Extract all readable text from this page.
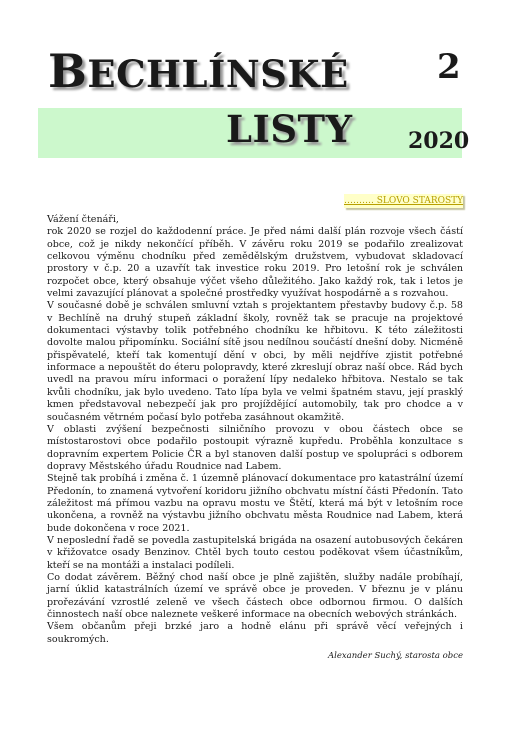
BECHLÍNSKÉ	2
LISTY	2020
………. SLOVO STAROSTY

Vážení čtenáři,

rok 2020 se rozjel do každodenní práce. Je před námi další plán rozvoje všech částí obce, což je nikdy nekončící příběh. V závěru roku 2019 se podařilo zrealizovat celkovou výměnu chodníku před zemědělským družstvem, vybudovat skladovací prostory v č.p. 20 a uzavřít tak investice roku 2019. Pro letošní rok je schválen rozpočet obce, který obsahuje výčet všeho důležitého. Jako každý rok, tak i letos je velmi zavazující plánovat a společné prostředky využívat hospodárně a s rozvahou.

V současné době je schválen smluvní vztah s projektantem přestavby budovy č.p. 58 v Bechlíně na druhý stupeň základní školy, rovněž tak se pracuje na projektové dokumentaci výstavby tolik potřebného chodníku ke hřbitovu. K této záležitosti dovolte malou připomínku. Sociální sítě jsou nedílnou součástí dnešní doby. Nicméně přispěvatelé, kteří tak komentují dění v obci, by měli nejdříve zjistit potřebné informace a nepouštět do éteru polopravdy, které zkreslují obraz naší obce. Rád bych uvedl na pravou míru informaci o poražení lípy nedaleko hřbitova. Nestalo se tak kvůli chodníku, jak bylo uvedeno. Tato lípa byla ve velmi špatném stavu, její prasklý kmen představoval nebezpečí jak pro projíždějící automobily, tak pro chodce a v současném větrném počasí bylo potřeba zasáhnout okamžitě.

V oblasti zvýšení bezpečnosti silničního provozu v obou částech obce se místostarostovi obce podařilo postoupit výrazně kupředu. Proběhla konzultace s dopravním expertem Policie ČR a byl stanoven další postup ve spolupráci s odborem dopravy Městského úřadu Roudnice nad Labem.

Stejně tak probíhá i změna č. 1 územně plánovací dokumentace pro katastrální území Předonín, to znamená vytvoření koridoru jižního obchvatu místní části Předonín. Tato záležitost má přímou vazbu na opravu mostu ve Štětí, která má být v letošním roce ukončena, a rovněž na výstavbu jižního obchvatu města Roudnice nad Labem, která bude dokončena v roce 2021.

V neposlední řadě se povedla zastupitelská brigáda na osazení autobusových čekáren v křižovatce osady Benzinov. Chtěl bych touto cestou poděkovat všem účastníkům, kteří se na montáži a instalaci podíleli.

Co dodat závěrem. Běžný chod naší obce je plně zajištěn, služby nadále probíhají, jarní úklid katastrálních území ve správě obce je proveden. V březnu je v plánu prořezávání vzrostlé zeleně ve všech částech obce odbornou firmou. O dalších činnostech naší obce naleznete veškeré informace na obecních webových stránkách.

Všem občanům přeji brzké jaro a hodně elánu při správě věcí veřejných i soukromých.

Alexander Suchý, starosta obce
